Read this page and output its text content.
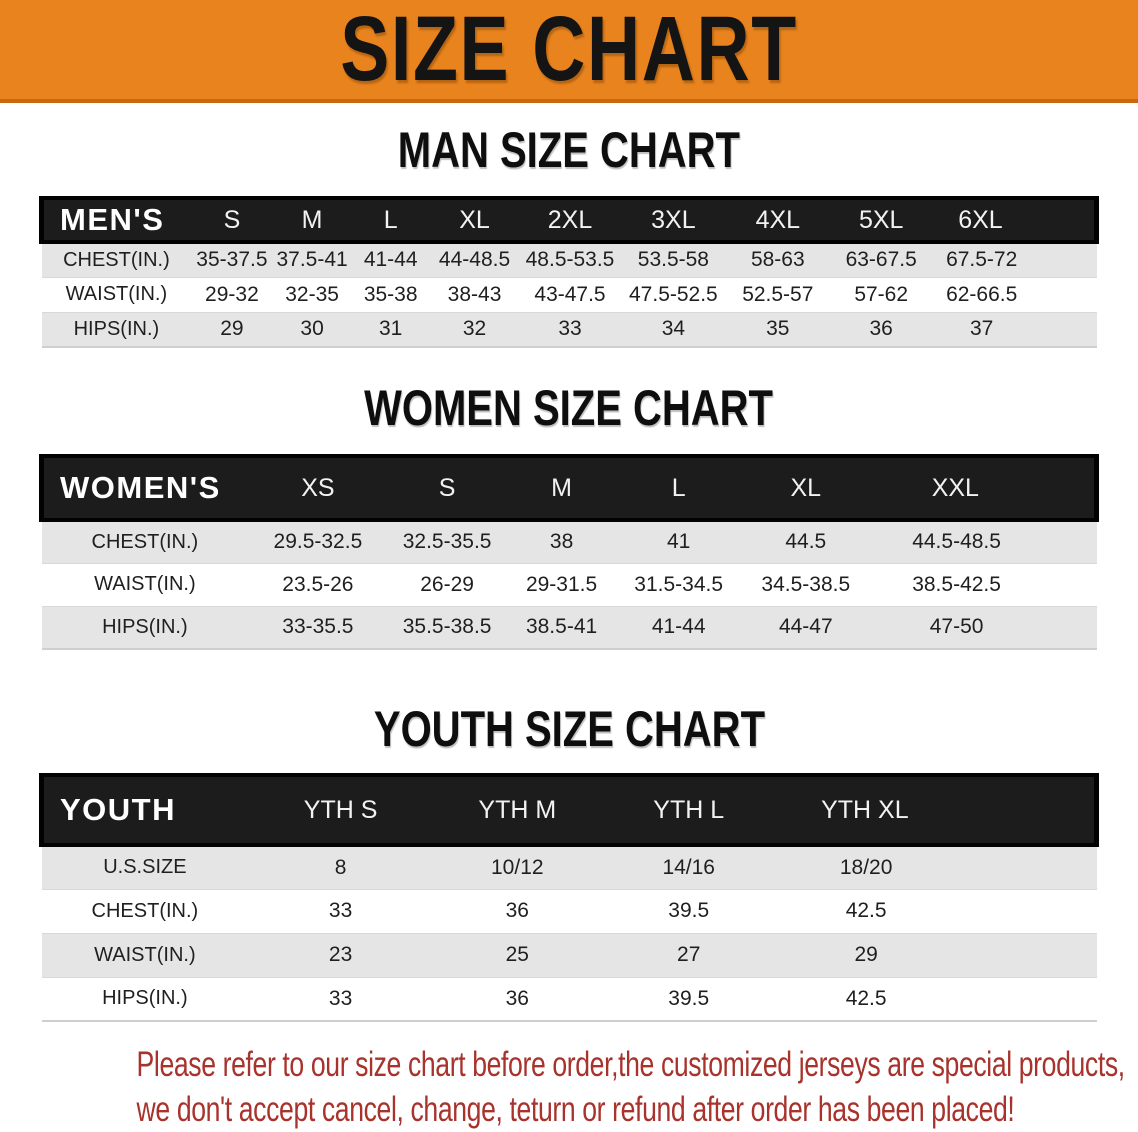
SIZE CHART
MAN SIZE CHART
MEN'S	S	M	L	XL	2XL	3XL	4XL	5XL	6XL
CHEST(IN.)	35-37.5	37.5-41	41-44	44-48.5	48.5-53.5	53.5-58	58-63	63-67.5	67.5-72
WAIST(IN.)	29-32	32-35	35-38	38-43	43-47.5	47.5-52.5	52.5-57	57-62	62-66.5
HIPS(IN.)	29	30	31	32	33	34	35	36	37
WOMEN SIZE CHART
WOMEN'S	XS	S	M	L	XL	XXL
CHEST(IN.)	29.5-32.5	32.5-35.5	38	41	44.5	44.5-48.5
WAIST(IN.)	23.5-26	26-29	29-31.5	31.5-34.5	34.5-38.5	38.5-42.5
HIPS(IN.)	33-35.5	35.5-38.5	38.5-41	41-44	44-47	47-50
YOUTH SIZE CHART
YOUTH	YTH S	YTH M	YTH L	YTH XL
U.S.SIZE	8	10/12	14/16	18/20
CHEST(IN.)	33	36	39.5	42.5
WAIST(IN.)	23	25	27	29
HIPS(IN.)	33	36	39.5	42.5

Please refer to our size chart before order,the customized jerseys are special products,
we don't accept cancel, change, teturn or refund after order has been placed!
